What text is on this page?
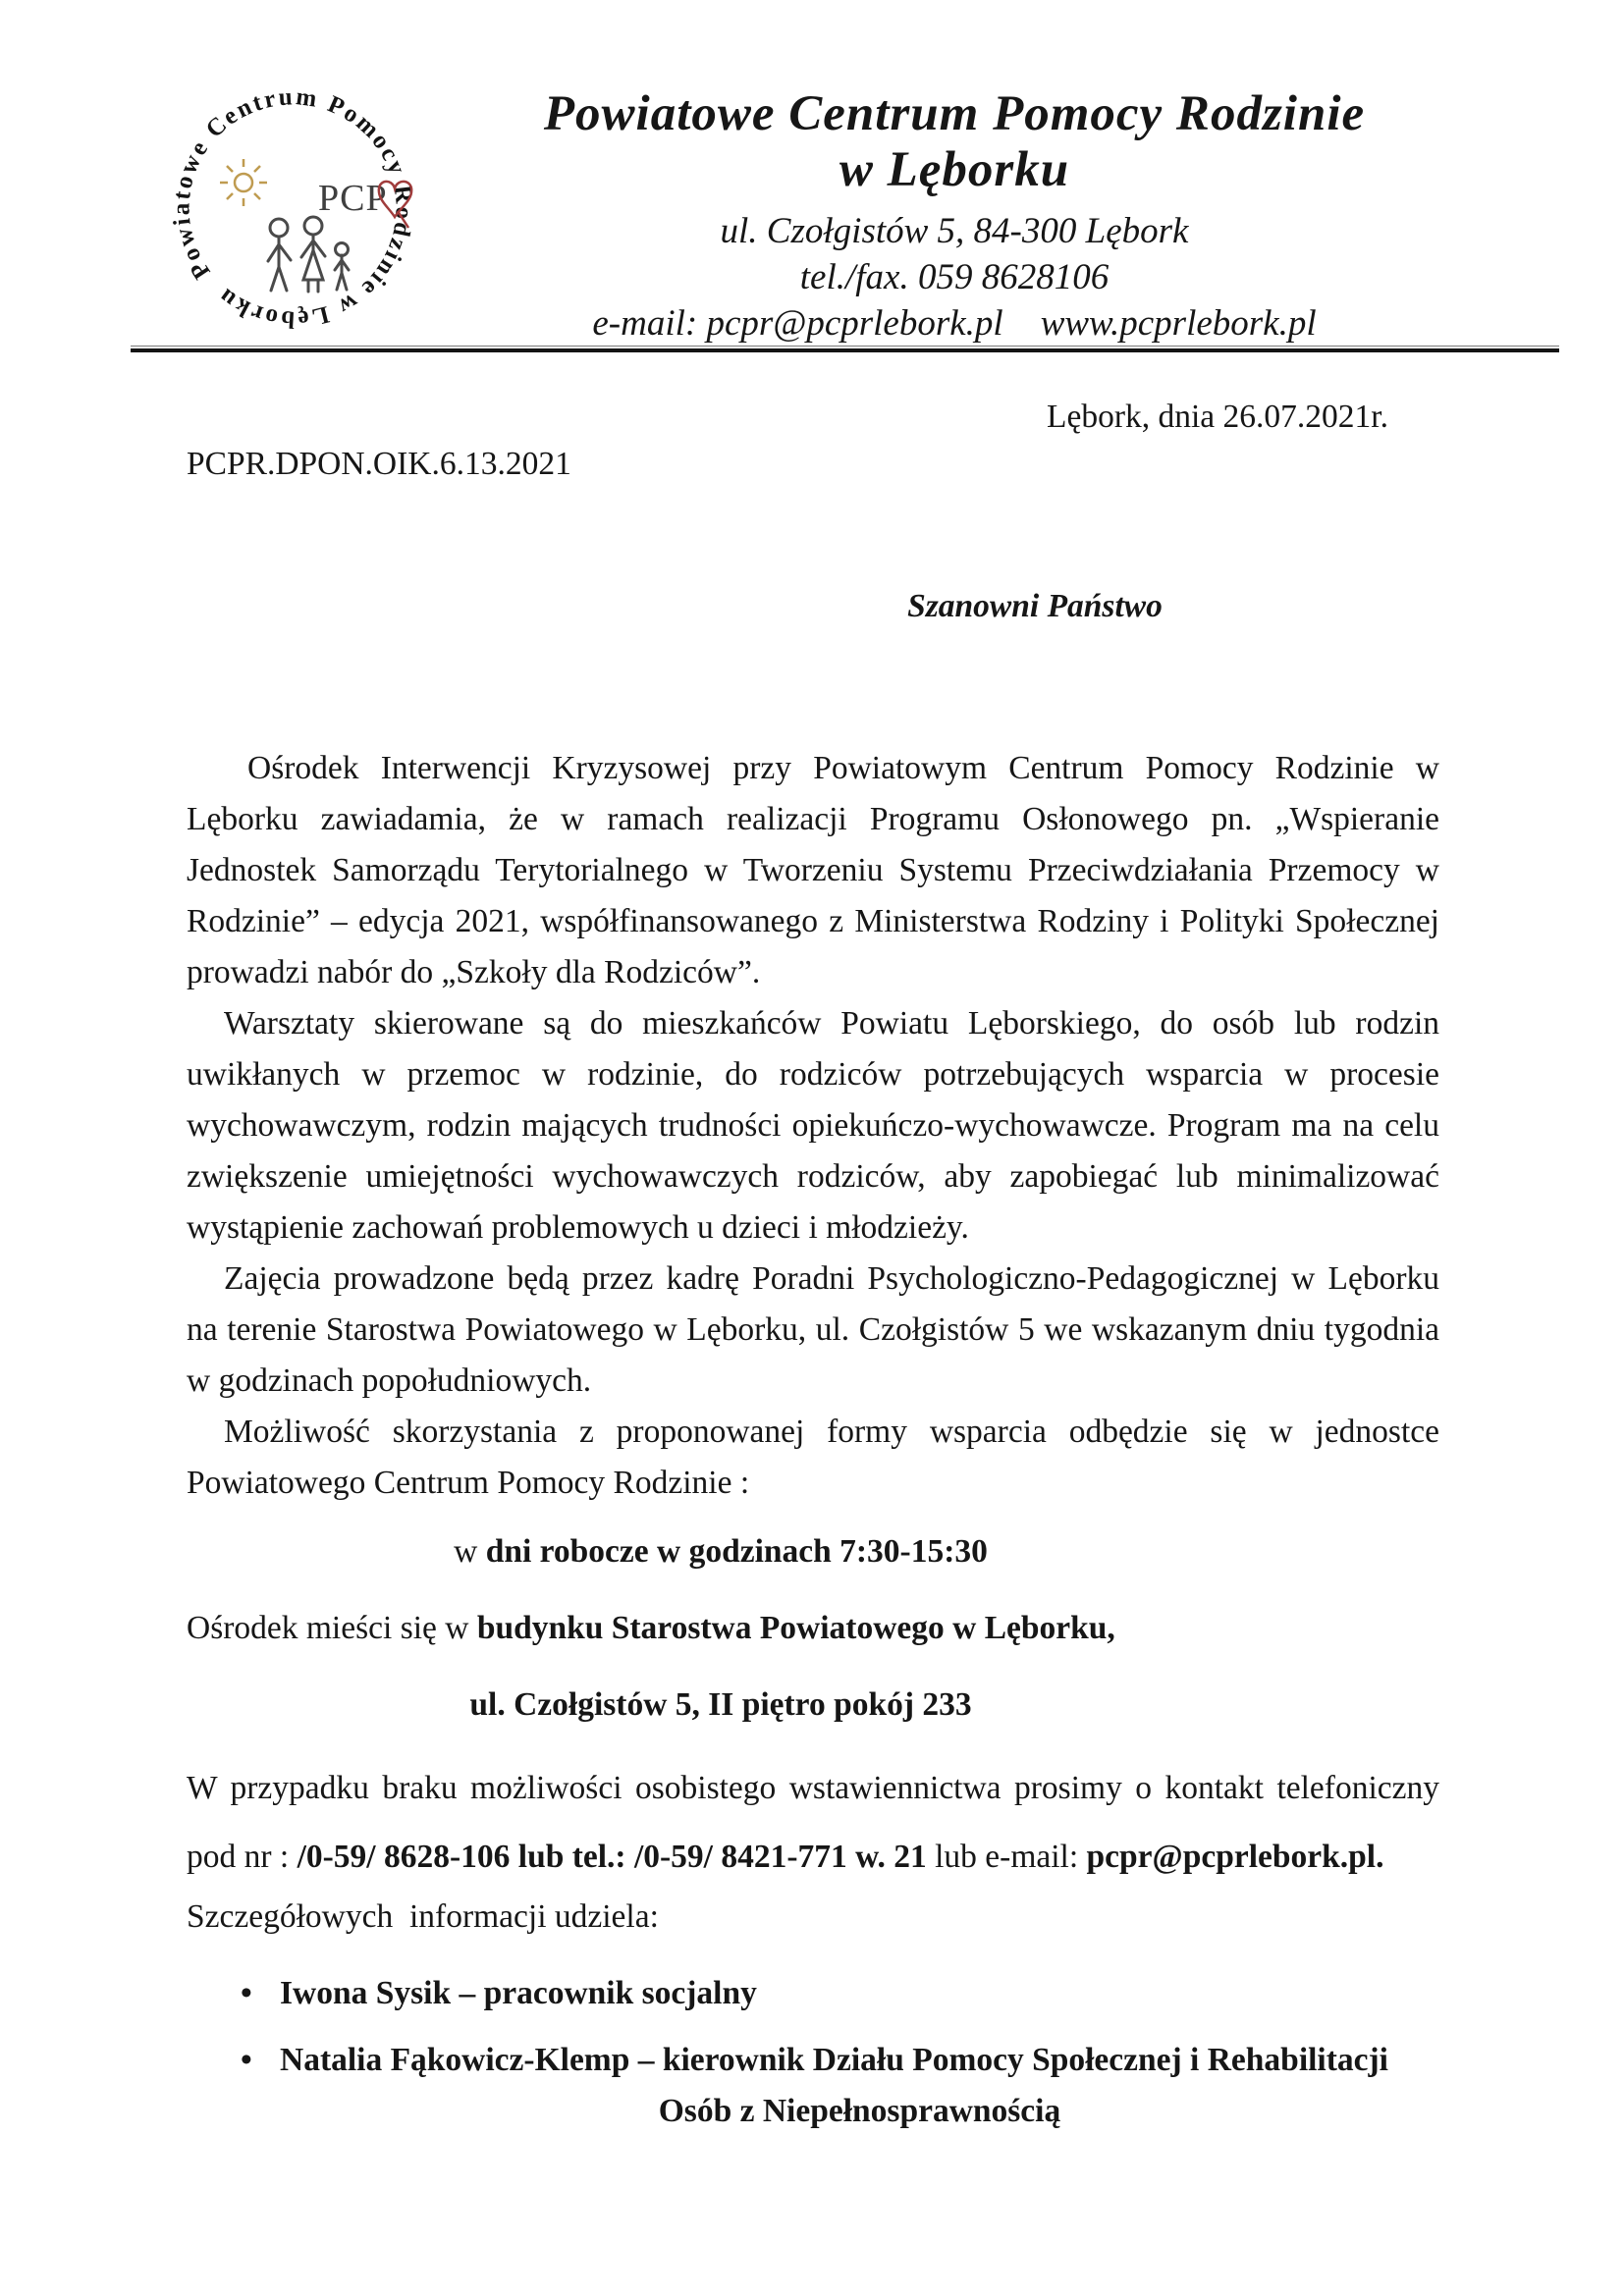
Powiatowe Centrum Pomocy Rodzinie w Lęborku
PCP
Powiatowe Centrum Pomocy Rodzinie
w Lęborku
ul. Czołgistów 5, 84-300 Lębork
tel./fax. 059 8628106
e-mail: pcpr@pcprlebork.pl www.pcprlebork.pl
Lębork, dnia 26.07.2021r.
PCPR.DPON.OIK.6.13.2021
Szanowni Państwo

Ośrodek Interwencji Kryzysowej przy Powiatowym Centrum Pomocy Rodzinie w Lęborku zawiadamia, że w ramach realizacji Programu Osłonowego pn. „Wspieranie Jednostek Samorządu Terytorialnego w Tworzeniu Systemu Przeciwdziałania Przemocy w Rodzinie” – edycja 2021, współfinansowanego z Ministerstwa Rodziny i Polityki Społecznej prowadzi nabór do „Szkoły dla Rodziców”.

Warsztaty skierowane są do mieszkańców Powiatu Lęborskiego, do osób lub rodzin uwikłanych w przemoc w rodzinie, do rodziców potrzebujących wsparcia w procesie wychowawczym, rodzin mających trudności opiekuńczo-wychowawcze. Program ma na celu zwiększenie umiejętności wychowawczych rodziców, aby zapobiegać lub minimalizować wystąpienie zachowań problemowych u dzieci i młodzieży.

Zajęcia prowadzone będą przez kadrę Poradni Psychologiczno-Pedagogicznej w Lęborku na terenie Starostwa Powiatowego w Lęborku, ul. Czołgistów 5 we wskazanym dniu tygodnia w godzinach popołudniowych.

Możliwość skorzystania z proponowanej formy wsparcia odbędzie się w jednostce Powiatowego Centrum Pomocy Rodzinie :

w dni robocze w godzinach 7:30-15:30
Ośrodek mieści się w budynku Starostwa Powiatowego w Lęborku,
ul. Czołgistów 5, II piętro pokój 233
W przypadku braku możliwości osobistego wstawiennictwa prosimy o kontakt telefoniczny
pod nr : /0-59/ 8628-106 lub tel.: /0-59/ 8421-771 w. 21 lub e-mail: pcpr@pcprlebork.pl.
Szczegółowych  informacji udziela:
• Iwona Sysik – pracownik socjalny
• Natalia Fąkowicz-Klemp – kierownik Działu Pomocy Społecznej i Rehabilitacji
Osób z Niepełnosprawnością
